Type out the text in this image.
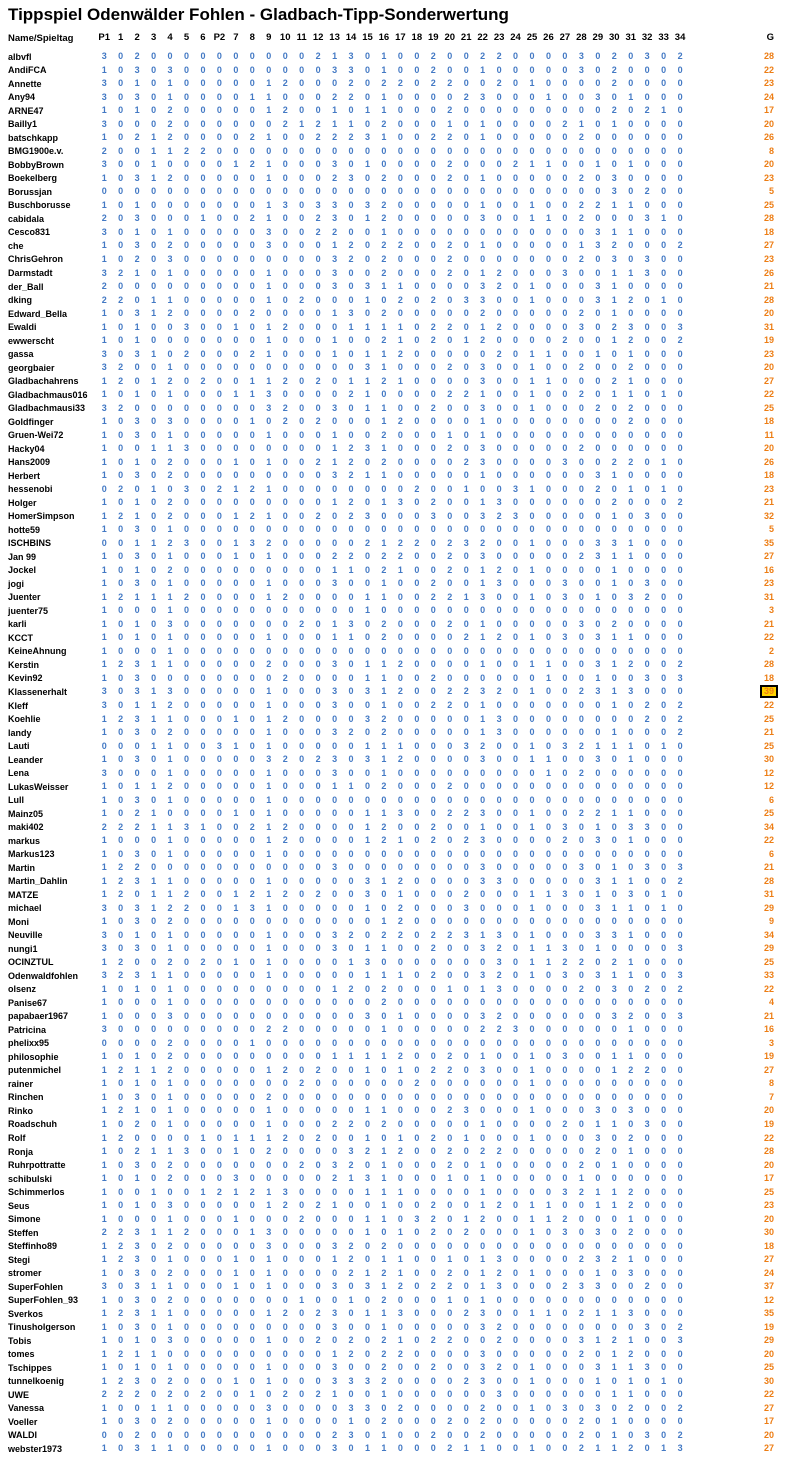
Tippspiel Odenwälder Fohlen - Gladbach-Tipp-Sonderwertung
Name/Spieltag	P1 1	2	3	4	5	6 P2 7	8	9 10 11 12 13 14 15 16 17 18 19 20 21 22 23 24 25 26 27 28 29 30 31 32 33 34	G
albvfl	3	0	2	0	0	0	0	0	0	0	0	0	0	2	1	3	0	1	0	0	2	0	0	2	2	0	0	0	0	3	0	2	0	3	0	2	28
AndiFCA	1	0	3	0	3	0	0	0	0	0	0	0	0	0	3	3	0	1	0	0	2	0	0	1	0	0	0	0	0	3	0	2	0	0	0	0	22
Annette	3	0	1	0	1	0	0	0	0	0	1	2	0	0	0	2	0	2	2	0	2	2	0	0	2	0	1	0	0	0	0	2	0	0	0	0	23
Any94	3	0	3	0	1	0	0	0	0	1	1	0	0	0	2	2	0	1	0	0	0	0	2	3	0	0	0	1	0	0	3	0	1	0	0	0	24
ARNE47	1	0	1	0	2	0	0	0	0	0	1	2	0	0	1	0	1	1	0	0	0	2	0	0	0	0	0	0	0	0	0	2	0	2	1	0	17
Bailly1	3	0	0	0	2	0	0	0	0	0	0	2	1	2	1	1	0	2	0	0	0	1	0	1	0	0	0	0	2	1	0	1	0	0	0	0	20
batschkapp	1	0	2	1	2	0	0	0	0	2	1	0	0	2	2	2	3	1	0	0	2	2	0	1	0	0	0	0	0	2	0	0	0	0	0	0	26
BMG1900e.v.	2	0	0	1	1	2	2	0	0	0	0	0	0	0	0	0	0	0	0	0	0	0	0	0	0	0	0	0	0	0	0	0	0	0	0	0	8
BobbyBrown	3	0	0	1	0	0	0	0	1	2	1	0	0	0	3	0	1	0	0	0	0	2	0	0	0	2	1	1	0	0	1	0	1	0	0	0	20
Boekelberg	1	0	3	1	2	0	0	0	0	0	1	0	0	0	2	3	0	2	0	0	0	2	0	1	0	0	0	0	0	2	0	3	0	0	0	0	23
Borussjan	0	0	0	0	0	0	0	0	0	0	0	0	0	0	0	0	0	0	0	0	0	0	0	0	0	0	0	0	0	0	0	3	0	2	0	0	5
Buschborusse	1	0	1	0	0	0	0	0	0	0	1	3	0	3	3	0	3	2	0	0	0	0	0	1	0	0	1	0	0	2	2	1	1	0	0	0	25
cabidala	2	0	3	0	0	0	1	0	0	2	1	0	0	2	3	0	1	2	0	0	0	0	0	3	0	0	1	1	0	2	0	0	0	3	1	0	28
Cesco831	3	0	1	0	1	0	0	0	0	0	3	0	0	2	2	0	0	1	0	0	0	0	0	0	0	0	0	0	0	0	3	1	1	0	0	0	18
che	1	0	3	0	2	0	0	0	0	0	3	0	0	0	1	2	0	2	2	0	0	2	0	1	0	0	0	0	0	1	3	2	0	0	0	2	27
ChrisGehron	1	0	2	0	3	0	0	0	0	0	0	0	0	0	3	2	0	2	0	0	0	2	0	0	0	0	0	0	0	2	0	3	0	3	0	0	23
Darmstadt	3	2	1	0	1	0	0	0	0	0	1	0	0	0	3	0	0	2	0	0	0	2	0	1	2	0	0	0	3	0	0	1	1	3	0	0	26
der_Ball	2	0	0	0	0	0	0	0	0	0	1	0	0	0	3	0	3	1	1	0	0	0	0	3	2	0	1	0	0	0	3	1	0	0	0	0	21
dking	2	2	0	1	1	0	0	0	0	0	1	0	2	0	0	0	1	0	2	0	2	0	3	3	0	0	1	0	0	0	3	1	2	0	1	0	28
Edward_Bella	1	0	3	1	2	0	0	0	0	2	0	0	0	0	1	3	0	2	0	0	0	0	0	2	0	0	0	0	0	2	0	1	0	0	0	0	20
Ewaldi	1	0	1	0	0	3	0	0	1	0	1	2	0	0	0	1	1	1	1	0	2	2	0	1	2	0	0	0	0	3	0	2	3	0	0	3	31
ewwerscht	1	0	1	0	0	0	0	0	0	0	1	0	0	0	1	0	0	2	1	0	2	0	1	2	0	0	0	0	2	0	0	1	2	0	0	2	19
gassa	3	0	3	1	0	2	0	0	0	2	1	0	0	0	1	0	1	1	2	0	0	0	0	0	2	0	1	1	0	0	1	0	1	0	0	0	23
georgbaier	3	2	0	0	1	0	0	0	0	0	0	0	0	0	0	0	3	1	0	0	0	2	0	3	0	0	1	0	0	2	0	0	2	0	0	0	20
Gladbachahrens	1	2	0	1	2	0	2	0	0	1	1	2	0	2	0	1	1	2	1	0	0	0	0	3	0	0	1	1	0	0	0	2	1	0	0	0	27
Gladbachmaus016	1	0	1	0	1	0	0	0	1	1	3	0	0	0	0	2	1	0	0	0	0	2	2	1	0	0	1	0	0	2	0	1	1	0	1	0	22
Gladbachmausi33	3	2	0	0	0	0	0	0	0	0	3	2	0	0	3	0	1	1	0	0	2	0	0	3	0	0	1	0	0	0	2	0	2	0	0	0	25
Goldfinger	1	0	3	0	3	0	0	0	0	1	0	2	0	2	0	0	0	1	2	0	0	0	0	1	0	0	0	0	0	0	0	0	2	0	0	0	18
Gruen-Wei72	1	0	3	0	1	0	0	0	0	0	1	0	0	0	1	0	0	2	0	0	0	1	0	1	0	0	0	0	0	0	0	0	0	0	0	0	11
Hacky04	1	0	0	1	1	3	0	0	0	0	0	0	0	0	1	2	3	1	0	0	0	2	0	3	0	0	0	0	0	2	0	0	0	0	0	0	20
Hans2009	1	0	1	0	2	0	0	0	1	0	1	0	0	2	1	2	0	2	0	0	0	0	2	3	0	0	0	0	3	0	0	2	2	0	1	0	26
Herbert	1	0	3	0	2	0	0	0	0	0	0	0	0	0	3	2	1	1	0	0	0	0	0	1	0	0	0	0	0	0	3	1	0	0	0	0	18
hessenobi	0	2	0	1	0	3	0	2	1	2	1	0	0	0	0	0	0	0	0	2	0	0	1	0	0	3	1	0	0	0	2	0	1	0	1	0	23
Holger	1	0	1	0	2	0	0	0	0	0	0	0	0	0	1	2	0	1	3	0	2	0	0	1	3	0	0	0	0	0	0	2	0	0	0	2	21
HomerSimpson	1	2	1	0	2	0	0	0	1	2	1	0	0	2	0	2	3	0	0	0	3	0	0	3	2	3	0	0	0	0	0	1	0	3	0	0	32
hotte59	1	0	3	0	1	0	0	0	0	0	0	0	0	0	0	0	0	0	0	0	0	0	0	0	0	0	0	0	0	0	0	0	0	0	0	0	5
ISCHBINS	0	0	1	1	2	3	0	0	1	3	2	0	0	0	0	0	2	1	2	2	0	2	3	2	0	0	1	0	0	0	3	3	1	0	0	0	35
Jan 99	1	0	3	0	1	0	0	0	1	0	1	0	0	0	2	2	0	2	2	0	0	2	0	3	0	0	0	0	0	2	3	1	1	0	0	0	27
Jockel	1	0	1	0	2	0	0	0	0	0	0	0	0	0	1	1	0	2	1	0	0	2	0	1	2	0	1	0	0	0	0	1	0	0	0	0	16
jogi	1	0	3	0	1	0	0	0	0	0	1	0	0	0	3	0	0	1	0	0	2	0	0	1	3	0	0	0	3	0	0	1	0	3	0	0	23
Juenter	1	2	1	1	1	2	0	0	0	0	1	2	0	0	0	0	1	1	0	0	2	2	1	3	0	0	1	0	3	0	1	0	3	2	0	0	31
juenter75	1	0	0	0	1	0	0	0	0	0	0	0	0	0	0	0	1	0	0	0	0	0	0	0	0	0	0	0	0	0	0	0	0	0	0	0	3
karli	1	0	1	0	3	0	0	0	0	0	0	0	2	0	1	3	0	2	0	0	0	2	0	1	0	0	0	0	0	3	0	2	0	0	0	0	21
KCCT	1	0	1	0	1	0	0	0	0	0	1	0	0	0	1	1	0	2	0	0	0	0	2	1	2	0	1	0	3	0	3	1	1	0	0	0	22
KeineAhnung	1	0	0	0	1	0	0	0	0	0	0	0	0	0	0	0	0	0	0	0	0	0	0	0	0	0	0	0	0	0	0	0	0	0	0	0	2
Kerstin	1	2	3	1	1	0	0	0	0	0	2	0	0	0	3	0	1	1	2	0	0	0	0	1	0	0	1	1	0	0	3	1	2	0	0	2	28
Kevin92	1	0	3	0	0	0	0	0	0	0	0	2	0	0	0	0	1	1	0	0	2	0	0	0	0	0	0	1	0	0	1	0	0	3	0	3	18
Klassenerhalt	3	0	3	1	3	0	0	0	0	0	1	0	0	0	3	0	3	1	2	0	0	2	2	3	2	0	1	0	0	2	3	1	3	0	0	0	39
Kleff	3	0	1	1	2	0	0	0	0	0	1	0	0	0	3	0	0	1	0	0	2	2	0	1	0	0	0	0	0	0	0	1	0	2	0	2	22
Koehlie	1	2	3	1	1	0	0	0	1	0	1	2	0	0	0	0	3	2	0	0	0	0	0	1	3	0	0	0	0	0	0	0	0	2	0	2	25
landy	1	0	3	0	2	0	0	0	0	0	1	0	0	0	3	2	0	2	0	0	0	0	0	1	3	0	0	0	0	0	0	1	0	0	0	2	21
Lauti	0	0	0	1	1	0	0	3	1	0	1	0	0	0	0	0	1	1	1	0	0	0	3	2	0	0	1	0	3	2	1	1	1	0	1	0	25
Leander	1	0	3	0	1	0	0	0	0	0	3	2	0	2	3	0	3	1	2	0	0	0	0	3	0	0	1	1	0	0	3	0	1	0	0	0	30
Lena	3	0	0	0	1	0	0	0	0	0	1	0	0	0	3	0	0	1	0	0	0	0	0	0	0	0	0	1	0	2	0	0	0	0	0	0	12
LukasWeisser	1	0	1	1	2	0	0	0	0	0	1	0	0	0	1	1	0	2	0	0	0	2	0	0	0	0	0	0	0	0	0	0	0	0	0	0	12
Lull	1	0	3	0	1	0	0	0	0	0	1	0	0	0	0	0	0	0	0	0	0	0	0	0	0	0	0	0	0	0	0	0	0	0	0	0	6
Mainz05	1	0	2	1	0	0	0	0	1	0	1	0	0	0	0	0	1	1	3	0	0	2	2	3	0	0	1	0	0	2	2	1	1	0	0	0	25
maki402	2	2	2	1	1	3	1	0	0	2	1	2	0	0	0	0	1	2	0	0	2	0	0	1	0	0	1	0	3	0	1	0	3	3	0	0	34
markus	1	0	0	0	1	0	0	0	0	0	1	2	0	0	0	0	1	2	1	0	2	0	2	3	0	0	0	0	2	0	3	0	1	0	0	0	22
Markus123	1	0	3	0	1	0	0	0	0	0	1	0	0	0	0	0	0	0	0	0	0	0	0	0	0	0	0	0	0	0	0	0	0	0	0	0	6
Martin	1	2	2	0	0	0	0	0	0	0	0	0	0	0	3	0	0	0	0	0	0	0	0	3	0	0	0	0	0	3	0	1	0	3	0	3	21
Martin_Dahlin	1	2	3	1	1	0	0	0	0	0	1	0	0	0	0	0	3	1	2	0	0	0	0	3	3	0	0	0	0	0	3	1	1	0	0	2	28
MATZE	1	2	0	1	1	2	0	0	1	2	1	2	0	2	0	0	3	0	1	0	0	0	2	0	0	0	1	1	3	0	1	0	3	0	1	0	31
michael	3	0	3	1	2	2	0	0	1	3	1	0	0	0	0	0	1	0	2	0	0	0	3	0	0	0	1	0	0	0	3	1	1	0	1	0	29
Moni	1	0	3	0	2	0	0	0	0	0	0	0	0	0	0	0	0	1	2	0	0	0	0	0	0	0	0	0	0	0	0	0	0	0	0	0	9
Neuville	3	0	1	0	1	0	0	0	0	0	1	0	0	0	3	2	0	2	2	0	2	2	3	1	3	0	1	0	0	0	3	3	1	0	0	0	34
nungi1	3	0	3	0	1	0	0	0	0	0	1	0	0	0	3	0	1	1	0	0	2	0	0	3	2	0	1	1	3	0	1	0	0	0	0	3	29
OCINZTUL	1	2	0	0	2	0	2	0	1	0	1	0	0	0	0	1	3	0	0	0	0	0	0	0	3	0	1	1	2	2	0	2	1	0	0	0	25
Odenwaldfohlen	3	2	3	1	1	0	0	0	0	0	1	0	0	0	0	0	1	1	1	0	2	0	0	3	2	0	1	0	3	0	3	1	1	0	0	3	33
olsenz	1	0	1	0	1	0	0	0	0	0	0	0	0	0	1	2	0	2	0	0	0	1	0	1	3	0	0	0	0	2	0	3	0	2	0	2	22
Panise67	1	0	0	0	1	0	0	0	0	0	0	0	0	0	0	0	0	2	0	0	0	0	0	0	0	0	0	0	0	0	0	0	0	0	0	0	4
papabaer1967	1	0	0	0	3	0	0	0	0	0	0	0	0	0	0	0	3	0	1	0	0	0	0	3	2	0	0	0	0	0	0	3	2	0	0	3	21
Patricina	3	0	0	0	0	0	0	0	0	0	2	2	0	0	0	0	0	1	0	0	0	0	0	2	2	3	0	0	0	0	0	0	1	0	0	0	16
phelixx95	0	0	0	0	2	0	0	0	0	1	0	0	0	0	0	0	0	0	0	0	0	0	0	0	0	0	0	0	0	0	0	0	0	0	0	0	3
philosophie	1	0	1	0	2	0	0	0	0	0	0	0	0	0	1	1	1	1	2	0	0	2	0	1	0	0	1	0	3	0	0	1	1	0	0	0	19
putenmichel	1	2	1	1	2	0	0	0	0	0	1	2	0	2	0	0	1	0	1	0	2	2	0	3	0	0	1	0	0	0	0	1	2	2	0	0	27
rainer	1	0	1	0	1	0	0	0	0	0	0	0	2	0	0	0	0	0	0	2	0	0	0	0	0	0	1	0	0	0	0	0	0	0	0	0	8
Rinchen	1	0	3	0	1	0	0	0	0	0	2	0	0	0	0	0	0	0	0	0	0	0	0	0	0	0	0	0	0	0	0	0	0	0	0	0	7
Rinko	1	2	1	0	1	0	0	0	0	0	1	0	0	0	0	0	1	1	0	0	0	2	3	0	0	0	1	0	0	0	3	0	3	0	0	0	20
Roadschuh	1	0	2	0	1	0	0	0	0	0	1	0	0	0	2	2	0	2	0	0	0	0	0	1	0	0	0	0	2	0	1	1	0	3	0	0	19
Rolf	1	2	0	0	0	0	1	0	1	1	1	2	0	2	0	0	1	0	1	0	2	0	1	0	0	0	1	0	0	0	3	0	2	0	0	0	22
Ronja	1	0	2	1	1	3	0	0	1	0	2	0	0	0	0	3	2	1	2	0	0	2	0	2	2	0	0	0	0	0	2	0	1	0	0	0	28
Ruhrpottratte	1	0	3	0	2	0	0	0	0	0	0	0	2	0	3	2	0	1	0	0	0	2	0	1	0	0	0	0	0	2	0	1	0	0	0	0	20
schibulski	1	0	1	0	2	0	0	0	3	0	0	0	0	0	2	1	3	1	0	0	0	1	0	1	0	0	0	0	0	1	0	0	0	0	0	0	17
Schimmerlos	1	0	0	1	0	0	1	2	1	2	1	3	0	0	0	0	1	1	1	0	0	0	0	1	0	0	0	0	3	2	1	1	2	0	0	0	25
Seus	1	0	1	0	3	0	0	0	0	0	1	2	0	2	1	0	0	1	0	0	2	0	0	1	2	0	1	1	0	0	1	1	2	0	0	0	23
Simone	1	0	0	0	1	0	0	0	1	0	0	0	2	0	0	0	1	1	0	3	2	0	1	2	0	0	1	1	2	0	0	0	1	0	0	0	20
Steffen	2	2	3	1	1	2	0	0	0	1	3	0	0	0	0	0	1	0	1	0	2	0	2	0	0	0	1	0	3	0	3	0	2	0	0	0	30
Steffinho89	1	2	3	0	2	0	0	0	0	0	3	0	0	0	3	2	0	2	0	0	0	0	0	0	0	0	0	0	0	0	0	0	0	0	0	0	18
Stegi	1	2	3	0	1	0	0	0	1	0	1	0	0	0	1	2	0	1	1	0	0	1	0	1	3	0	0	0	0	2	3	2	1	0	0	0	27
stromer	1	0	3	0	2	0	0	0	1	0	1	0	0	0	0	2	1	2	1	0	0	2	0	1	2	0	1	0	0	0	1	0	3	0	0	0	24
SuperFohlen	3	0	3	1	1	0	0	0	1	0	1	0	0	0	3	0	3	1	2	0	2	2	0	1	3	0	0	0	2	3	3	0	0	2	0	0	37
SuperFohlen_93	1	0	3	0	2	0	0	0	0	0	0	0	1	0	0	1	0	2	0	0	0	1	0	1	0	0	0	0	0	0	0	0	0	0	0	0	12
Sverkos	1	2	3	1	1	0	0	0	0	0	1	2	0	2	3	0	1	1	3	0	0	0	2	3	0	0	1	1	0	2	1	1	3	0	0	0	35
Tinusholgerson	1	0	3	0	1	0	0	0	0	0	0	0	0	0	3	0	0	1	0	0	0	0	0	3	2	0	0	0	0	0	0	0	0	3	0	2	19
Tobis	1	0	1	0	3	0	0	0	0	0	1	0	0	2	0	2	0	2	1	0	2	2	0	0	2	0	0	0	0	3	1	2	1	0	0	3	29
tomes	1	2	1	1	0	0	0	0	0	0	0	0	0	0	1	2	0	2	2	0	0	0	0	3	0	0	0	0	0	2	0	1	2	0	0	0	20
Tschippes	1	0	1	0	1	0	0	0	0	0	1	0	0	0	3	0	0	2	0	0	2	0	0	3	2	0	1	0	0	0	3	1	1	3	0	0	25
tunnelkoenig	1	2	3	0	2	0	0	0	1	0	1	0	0	0	3	3	3	2	0	0	0	0	2	3	0	0	1	0	0	0	1	0	1	0	1	0	30
UWE	2	2	2	0	2	0	2	0	0	1	0	2	0	2	1	0	0	1	0	0	0	0	0	0	3	0	0	0	0	0	0	1	1	0	0	0	22
Vanessa	1	0	0	1	1	0	0	0	0	0	3	0	0	0	0	3	3	0	2	0	0	0	0	2	0	0	1	0	3	0	3	0	2	0	0	2	27
Voeller	1	0	3	0	2	0	0	0	0	0	1	0	0	0	0	1	0	2	0	0	0	2	0	2	0	0	0	0	0	2	0	1	0	0	0	0	17
WALDI	0	0	2	0	0	0	0	0	0	0	0	0	0	0	2	3	0	1	0	0	2	0	0	2	0	0	0	0	0	2	0	1	0	3	0	2	20
webster1973	1	0	3	1	1	0	0	0	0	0	1	0	0	0	3	0	1	1	0	0	0	2	1	1	0	0	1	0	0	2	1	1	2	0	1	3	27
